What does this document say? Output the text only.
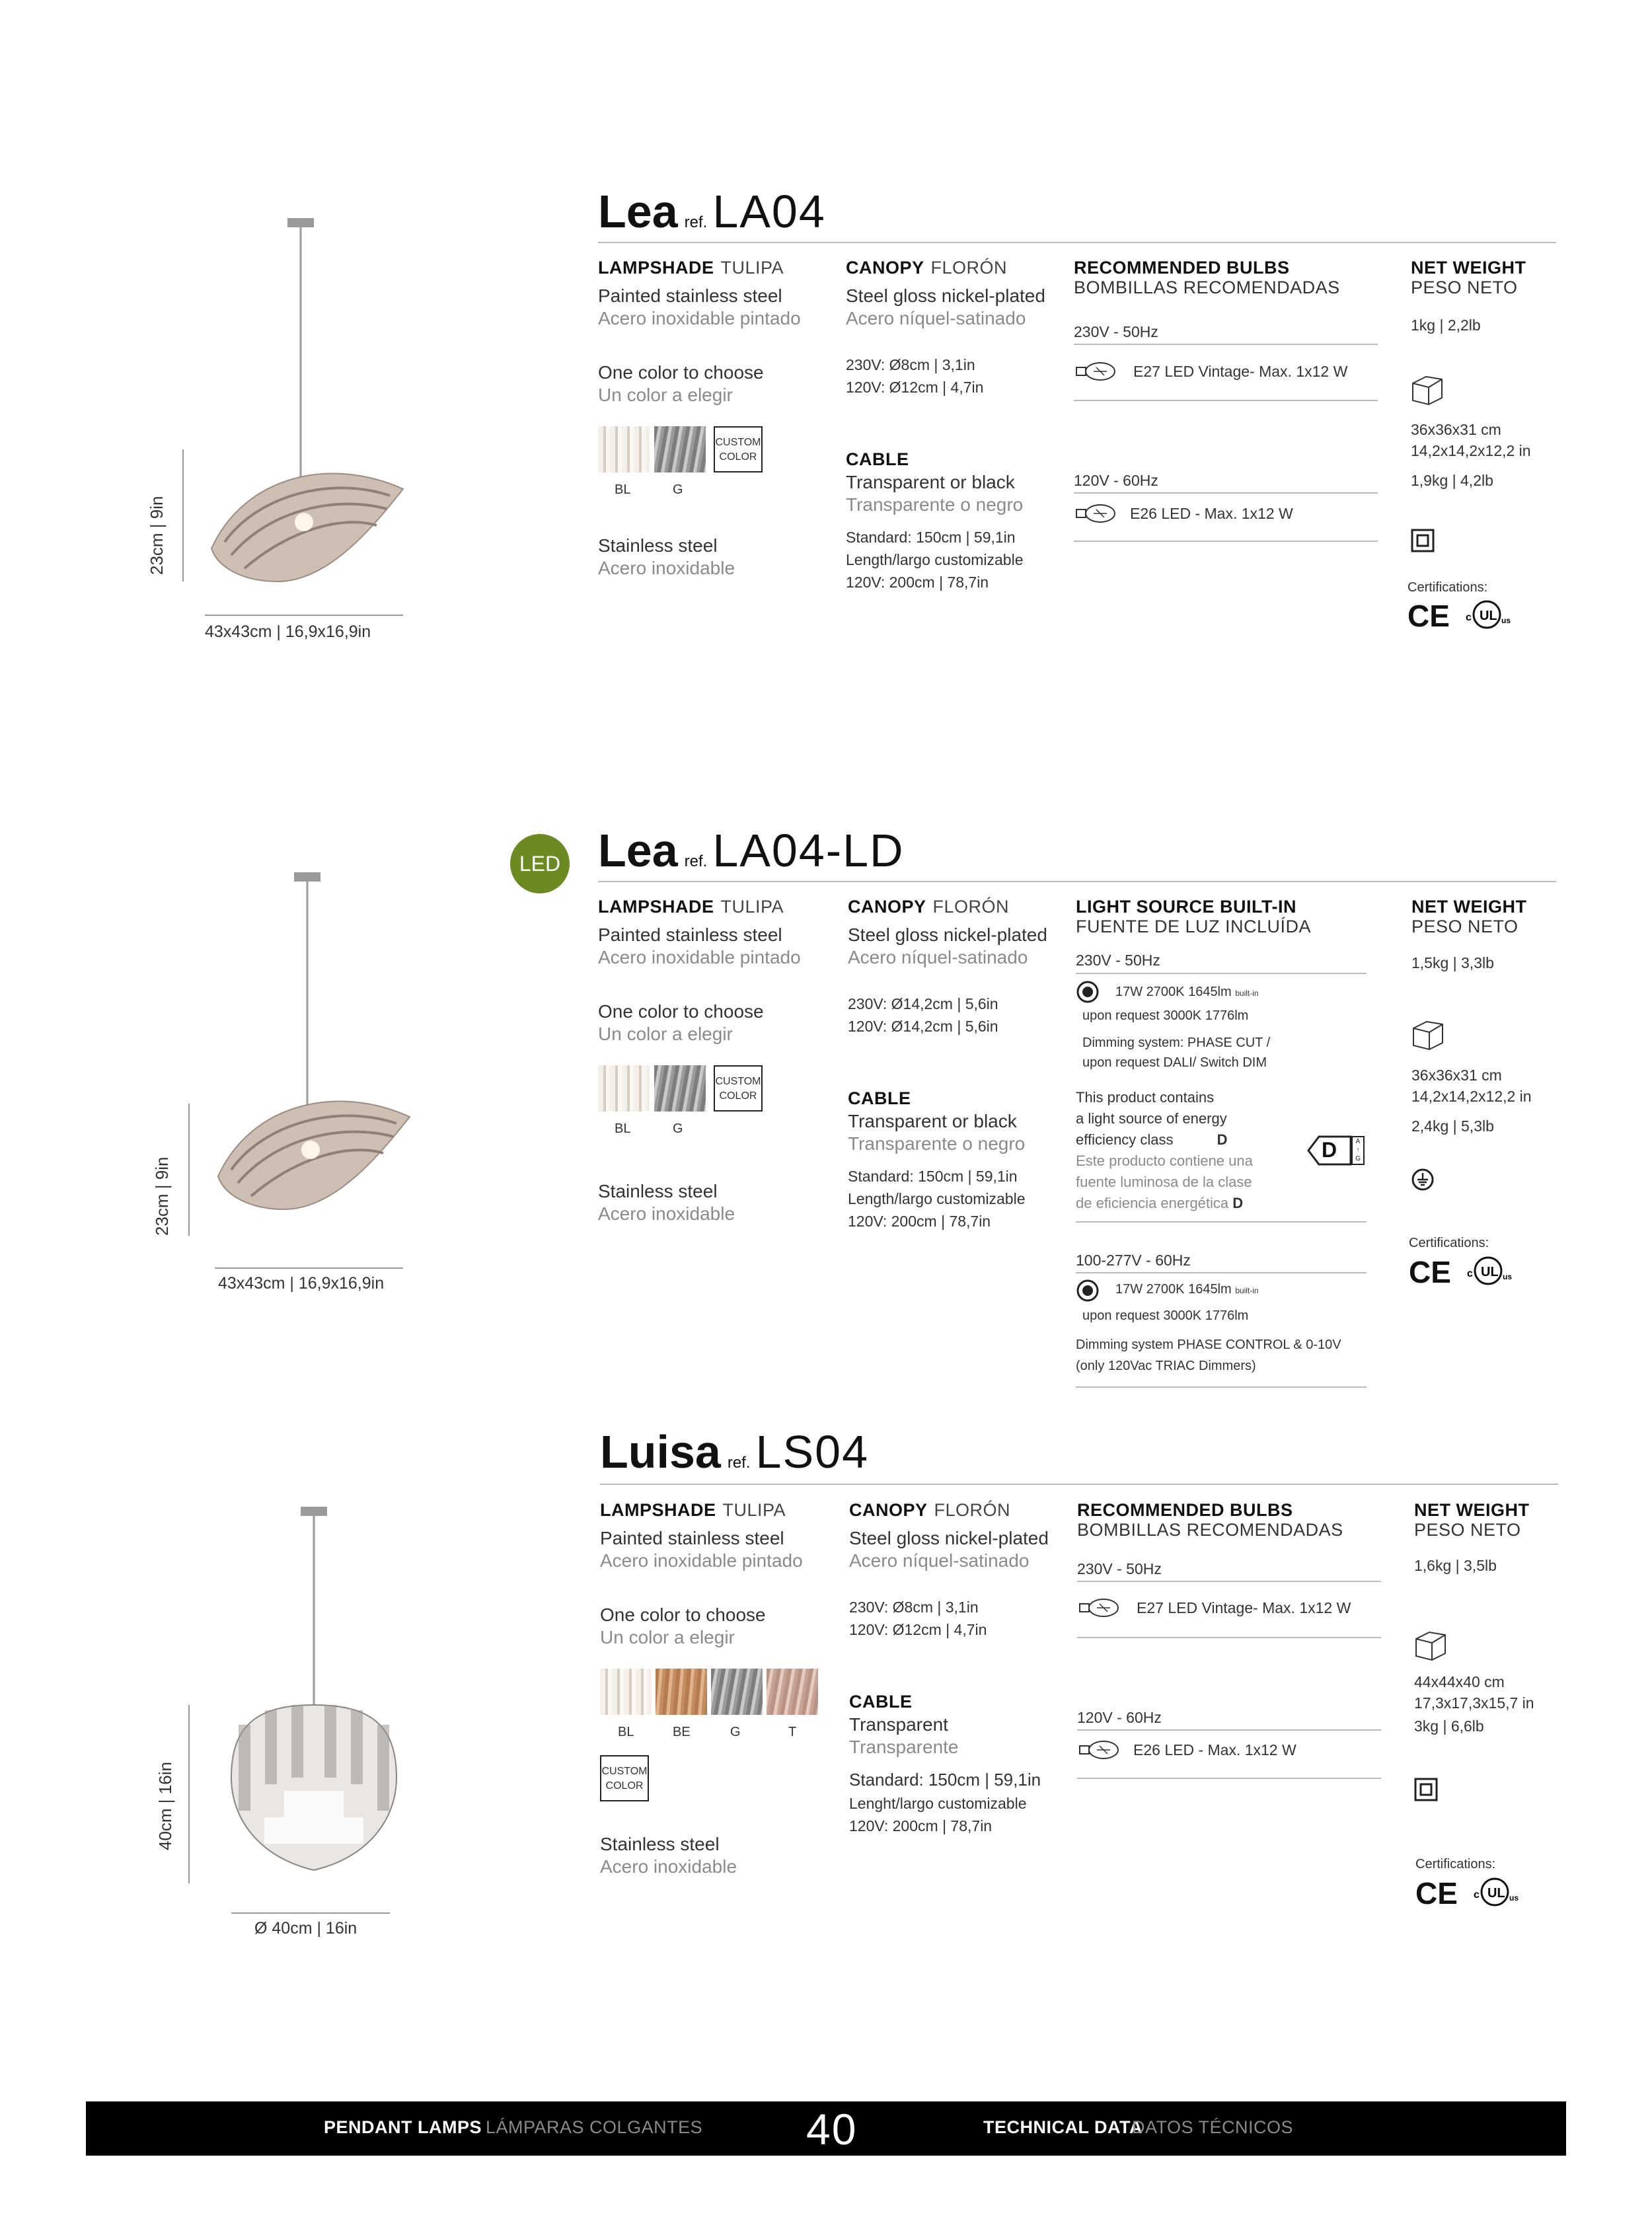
23cm | 9in
43x43cm | 16,9x16,9in
Lea ref. LA04
LAMPSHADE TULIPA
Painted stainless steel
Acero inoxidable pintado
One color to choose
Un color a elegir
CUSTOM
COLOR
BL	G
Stainless steel
Acero inoxidable
CANOPY FLORÓN
Steel gloss nickel-plated
Acero níquel-satinado
230V: Ø8cm | 3,1in
120V: Ø12cm | 4,7in
CABLE
Transparent or black
Transparente o negro
Standard: 150cm | 59,1in
Length/largo customizable
120V: 200cm | 78,7in
RECOMMENDED BULBS
BOMBILLAS RECOMENDADAS
230V - 50Hz
E27 LED Vintage- Max. 1x12 W
120V - 60Hz
E26 LED - Max. 1x12 W
NET WEIGHT
PESO NETO
1kg | 2,2lb
36x36x31 cm
14,2x14,2x12,2 in
1,9kg | 4,2lb
Certifications:
CE c UL us
23cm | 9in
43x43cm | 16,9x16,9in
LED Lea ref. LA04-LD
LAMPSHADE TULIPA
Painted stainless steel
Acero inoxidable pintado
One color to choose
Un color a elegir
CUSTOM
COLOR
BL	G
Stainless steel
Acero inoxidable
CANOPY FLORÓN
Steel gloss nickel-plated
Acero níquel-satinado
230V: Ø14,2cm | 5,6in
120V: Ø14,2cm | 5,6in
CABLE
Transparent or black
Transparente o negro
Standard: 150cm | 59,1in
Length/largo customizable
120V: 200cm | 78,7in
LIGHT SOURCE BUILT-IN
FUENTE DE LUZ INCLUÍDA
230V - 50Hz
17W 2700K 1645lm built-in
upon request 3000K 1776lm
Dimming system: PHASE CUT /
upon request DALI/ Switch DIM
This product contains
a light source of energy
efficiency class	D
Este producto contiene una
fuente luminosa de la clase
de eficiencia energética D
D	A ↑ G
100-277V - 60Hz
17W 2700K 1645lm built-in
upon request 3000K 1776lm
Dimming system PHASE CONTROL & 0-10V
(only 120Vac TRIAC Dimmers)
NET WEIGHT
PESO NETO
1,5kg | 3,3lb
36x36x31 cm
14,2x14,2x12,2 in
2,4kg | 5,3lb
Certifications:
CE c UL us
40cm | 16in
Ø 40cm | 16in
Luisa ref. LS04
LAMPSHADE TULIPA
Painted stainless steel
Acero inoxidable pintado
One color to choose
Un color a elegir
BL	BE	G	T
CUSTOM
COLOR
Stainless steel
Acero inoxidable
CANOPY FLORÓN
Steel gloss nickel-plated
Acero níquel-satinado
230V: Ø8cm | 3,1in
120V: Ø12cm | 4,7in
CABLE
Transparent
Transparente
Standard: 150cm | 59,1in
Lenght/largo customizable
120V: 200cm | 78,7in
RECOMMENDED BULBS
BOMBILLAS RECOMENDADAS
230V - 50Hz
E27 LED Vintage- Max. 1x12 W
120V - 60Hz
E26 LED - Max. 1x12 W
NET WEIGHT
PESO NETO
1,6kg | 3,5lb
44x44x40 cm
17,3x17,3x15,7 in
3kg | 6,6lb
Certifications:
CE c UL us
PENDANT LAMPS LÁMPARAS COLGANTES 40	TECHNICAL DATA
DATOS TÉCNICOS
